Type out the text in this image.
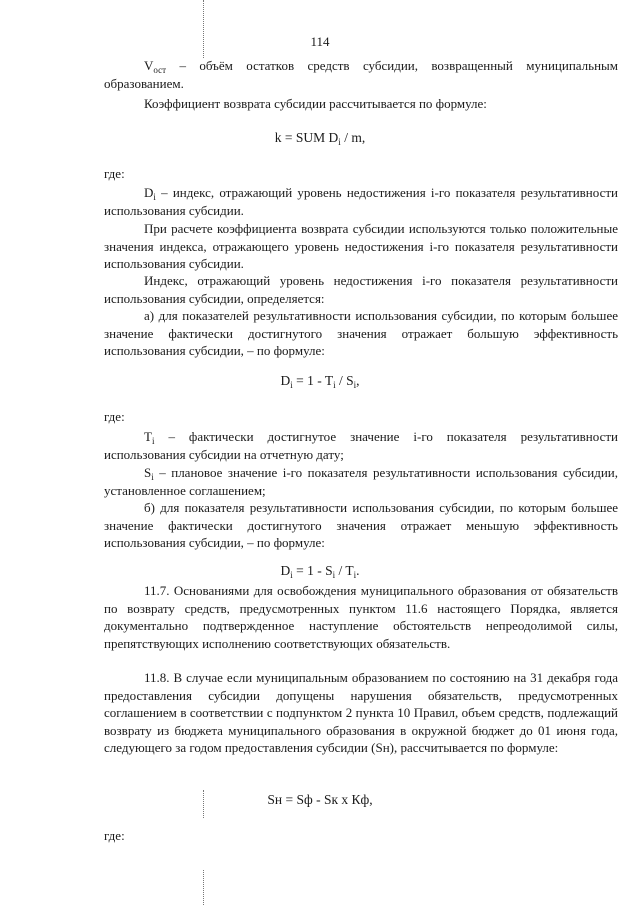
114

$V_{ост}$ – объём остатков средств субсидии, возвращенный муниципальным образованием.

Коэффициент возврата субсидии рассчитывается по формуле:

k = SUM $D_i$ / m,

где:

$D_i$ – индекс, отражающий уровень недостижения i-го показателя результативности использования субсидии.

При расчете коэффициента возврата субсидии используются только положительные значения индекса, отражающего уровень недостижения i-го показателя результативности использования субсидии.

Индекс, отражающий уровень недостижения i-го показателя результативности использования субсидии, определяется:

а) для показателей результативности использования субсидии, по которым большее значение фактически достигнутого значения отражает большую эффективность использования субсидии, – по формуле:

$D_i = 1 - T_i / S_i$,

где:

$T_i$ – фактически достигнутое значение i-го показателя результативности использования субсидии на отчетную дату;

$S_i$ – плановое значение i-го показателя результативности использования субсидии, установленное соглашением;

б) для показателя результативности использования субсидии, по которым большее значение фактически достигнутого значения отражает меньшую эффективность использования субсидии, – по формуле:

$D_i = 1 - S_i / T_i$.

11.7. Основаниями для освобождения муниципального образования от обязательств по возврату средств, предусмотренных пунктом 11.6 настоящего Порядка, является документально подтвержденное наступление обстоятельств непреодолимой силы, препятствующих исполнению соответствующих обязательств.

11.8. В случае если муниципальным образованием по состоянию на 31 декабря года предоставления субсидии допущены нарушения обязательств, предусмотренных соглашением в соответствии с подпунктом 2 пункта 10 Правил, объем средств, подлежащий возврату из бюджета муниципального образования в окружной бюджет до 01 июня года, следующего за годом предоставления субсидии (Sн), рассчитывается по формуле:

Sн = Sф - Sк x Кф,

где:
